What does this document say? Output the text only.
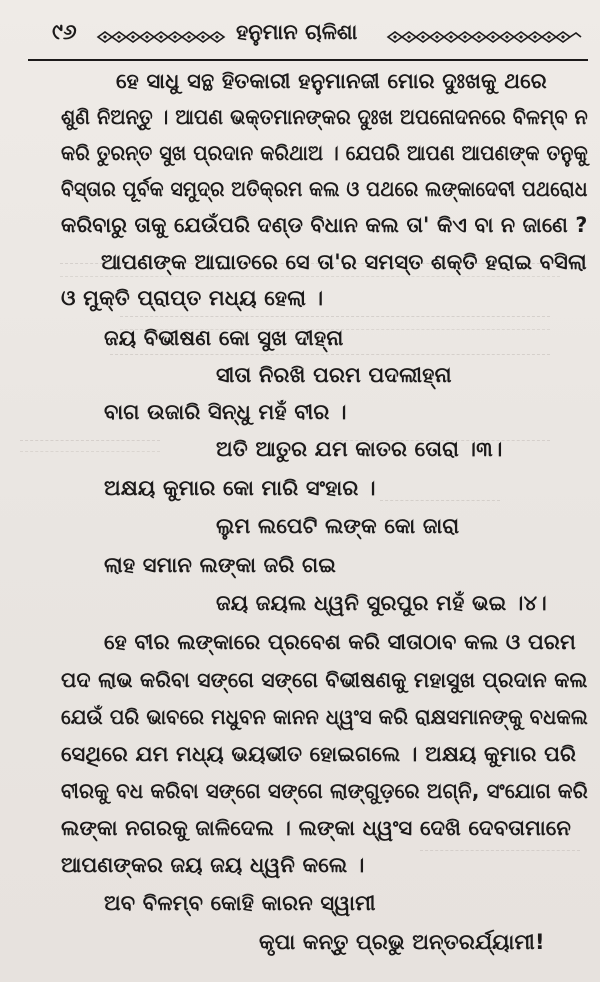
୯୬	ହନୁମାନ ଚାଳିଶା
ହେ ସାଧୁ ସନ୍ଥ ହିତକାରୀ ହନୁମାନଜୀ ମୋର ଦୁଃଖକୁ ଥରେ
ଶୁଣି ନିଅନ୍ତୁ । ଆପଣ ଭକ୍ତମାନଙ୍କର ଦୁଃଖ ଅପନୋଦନରେ ବିଳମ୍ବ ନ
କରି ତୁରନ୍ତ ସୁଖ ପ୍ରଦାନ କରିଥାଅ । ଯେପରି ଆପଣ ଆପଣଙ୍କ ତନୁକୁ
ବିସ୍ତାର ପୂର୍ବକ ସମୁଦ୍ର ଅତିକ୍ରମ କଲ ଓ ପଥରେ ଲଙ୍କାଦେବୀ ପଥରୋଧ
କରିବାରୁ ତାକୁ ଯେଉଁପରି ଦଣ୍ଡ ବିଧାନ କଲ ତା' କିଏ ବା ନ ଜାଣେ ?
ଆପଣଙ୍କ ଆଘାତରେ ସେ ତା'ର ସମସ୍ତ ଶକ୍ତି ହରାଇ ବସିଲା
ଓ ମୁକ୍ତି ପ୍ରାପ୍ତ ମଧ୍ୟ ହେଲା ।
ଜୟ ବିଭୀଷଣ କୋ ସୁଖ ଦୀହ୍ନା
ସୀତା ନିରଖି ପରମ ପଦଲୀହ୍ନା
ବାଗ ଉଜାରି ସିନ୍ଧୁ ମହଁ ବୀର ।
ଅତି ଆତୁର ଯମ କାତର ତୋରା ।୩।
ଅକ୍ଷୟ କୁମାର କୋ ମାରି ସଂହାର ।
ଲୁମ ଲପେଟି ଲଙ୍କ କୋ ଜାରା
ଲାହ ସମାନ ଲଙ୍କା ଜରି ଗଇ
ଜୟ ଜୟଲ ଧ୍ୱନି ସୁରପୁର ମହଁ ଭଇ ।୪।
ହେ ବୀର ଲଙ୍କାରେ ପ୍ରବେଶ କରି ସୀତାଠାବ କଲ ଓ ପରମ
ପଦ ଲାଭ କରିବା ସଙ୍ଗେ ସଙ୍ଗେ ବିଭୀଷଣକୁ ମହାସୁଖ ପ୍ରଦାନ କଲ
ଯେଉଁ ପରି ଭାବରେ ମଧୁବନ କାନନ ଧ୍ୱଂସ କରି ରାକ୍ଷସମାନଙ୍କୁ ବଧକଲ
ସେଥିରେ ଯମ ମଧ୍ୟ ଭୟଭୀତ ହୋଇଗଲେ । ଅକ୍ଷୟ କୁମାର ପରି
ବୀରକୁ ବଧ କରିବା ସଙ୍ଗେ ସଙ୍ଗେ ଲାଙ୍ଗୁଡ଼ରେ ଅଗ୍ନି, ସଂଯୋଗ କରି
ଲଙ୍କା ନଗରକୁ ଜାଳିଦେଲ । ଲଙ୍କା ଧ୍ୱଂସ ଦେଖି ଦେବତାମାନେ
ଆପଣଙ୍କର ଜୟ ଜୟ ଧ୍ୱନି କଲେ ।
ଅବ ବିଳମ୍ବ କୋହି କାରନ ସ୍ୱାମୀ
କୃପା କନ୍ତୁ ପ୍ରଭୁ ଅନ୍ତରର୍ଯ୍ୟାମୀ!
